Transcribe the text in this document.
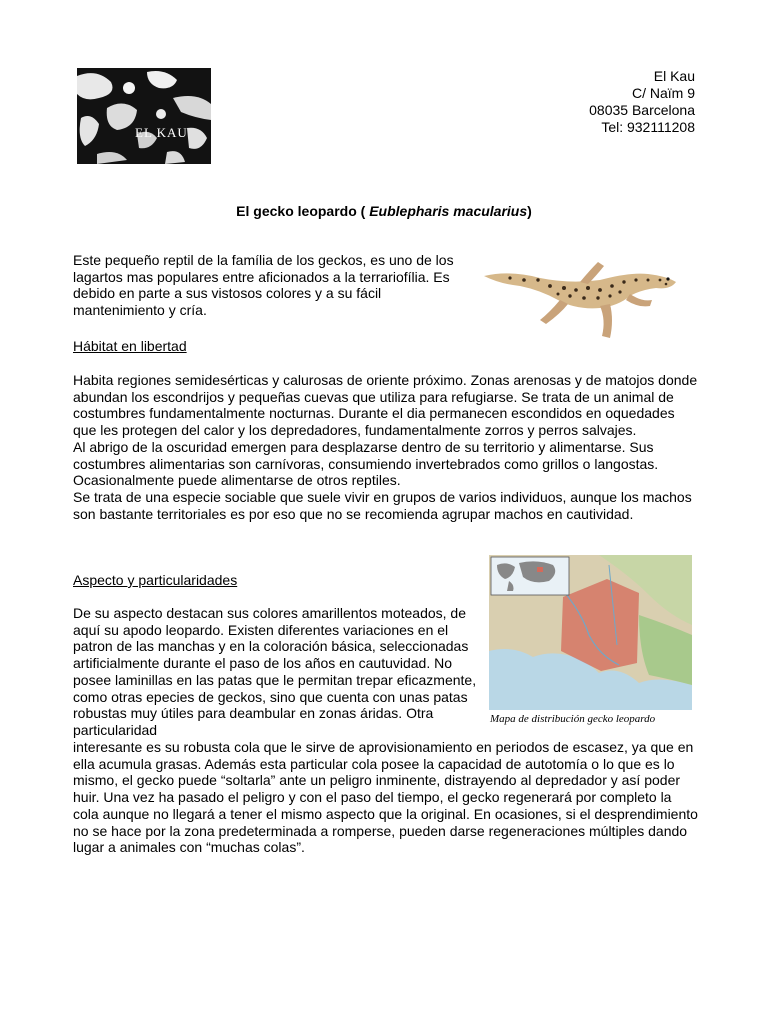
EL KAU
El Kau
C/ Naïm 9
08035 Barcelona
Tel: 932111208
El gecko leopardo ( Eublepharis macularius)
Este pequeño reptil de la família de los geckos, es uno de los lagartos mas populares entre aficionados a la terrariofília. Es debido en parte a sus vistosos colores y a su fácil mantenimiento y cría.
Hábitat en libertad

Habita regiones semidesérticas y calurosas de oriente próximo. Zonas arenosas y de matojos donde abundan los escondrijos y pequeñas cuevas que utiliza para refugiarse. Se trata de un animal de costumbres fundamentalmente nocturnas. Durante el dia permanecen escondidos en oquedades que les protegen del calor y los depredadores, fundamentalmente zorros y perros salvajes.

Al abrigo de la oscuridad emergen para desplazarse dentro de su territorio y alimentarse. Sus costumbres alimentarias son carnívoras, consumiendo invertebrados como grillos o langostas. Ocasionalmente puede alimentarse de otros reptiles.

Se trata de una especie sociable que suele vivir en grupos de varios individuos, aunque los machos son bastante territoriales es por eso que no se recomienda agrupar machos en cautividad.

Aspecto y particularidades
De su aspecto destacan sus colores amarillentos moteados, de aquí su apodo leopardo. Existen diferentes variaciones en el patron de las manchas y en la coloración básica, seleccionadas artificialmente durante el paso de los años en cautuvidad. No posee laminillas en las patas que le permitan trepar eficazmente, como otras epecies de geckos, sino que cuenta con unas patas robustas muy útiles para deambular en zonas áridas. Otra particularidad
Mapa de distribución gecko leopardo
interesante es su robusta cola que le sirve de aprovisionamiento en periodos de escasez, ya que en ella acumula grasas. Además esta particular cola posee la capacidad de autotomía o lo que es lo mismo, el gecko puede “soltarla” ante un peligro inminente, distrayendo al depredador y así poder huir. Una vez ha pasado el peligro y con el paso del tiempo, el gecko regenerará por completo la cola aunque no llegará a tener el mismo aspecto que la original. En ocasiones, si el desprendimiento no se hace por la zona predeterminada a romperse, pueden darse regeneraciones múltiples dando lugar a animales con “muchas colas”.
